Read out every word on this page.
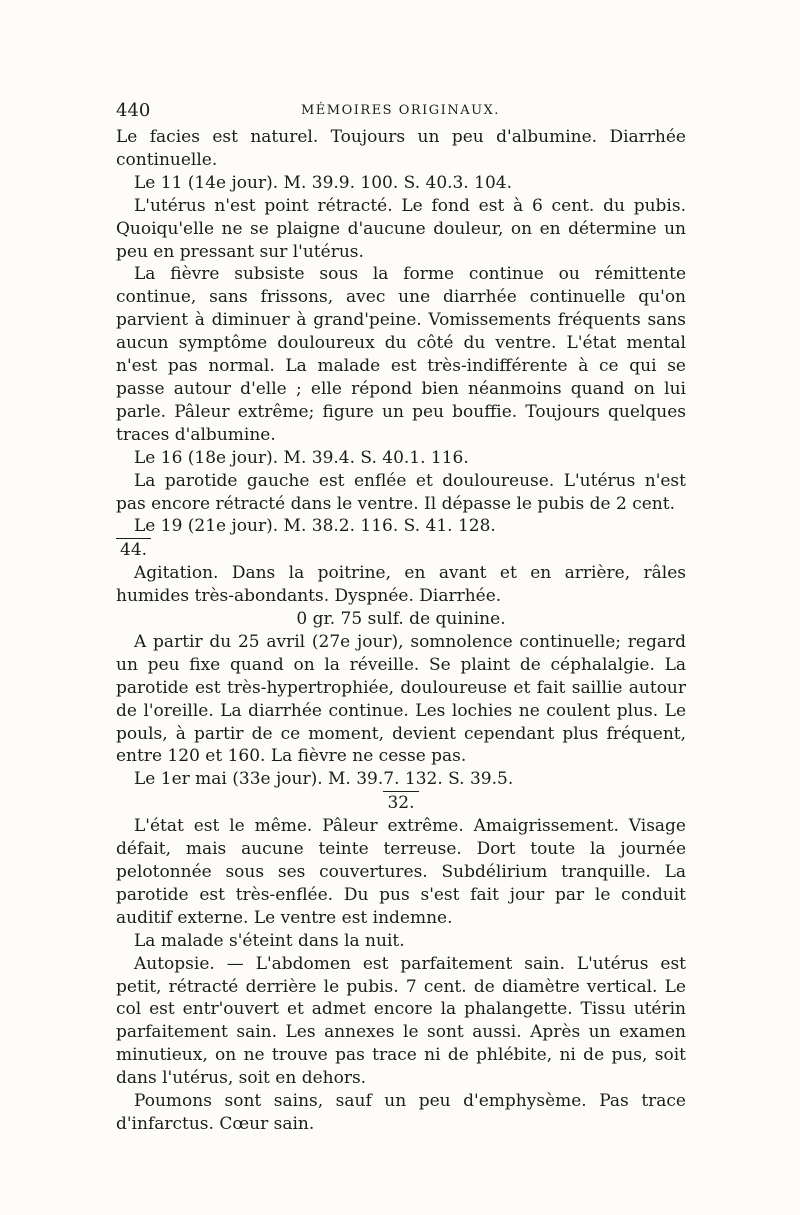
440	MÉMOIRES ORIGINAUX.

Le facies est naturel. Toujours un peu d'albumine. Diarrhée continuelle.

Le 11 (14e jour). M. 39.9. 100. S. 40.3. 104.

L'utérus n'est point rétracté. Le fond est à 6 cent. du pubis. Quoiqu'elle ne se plaigne d'aucune douleur, on en détermine un peu en pressant sur l'utérus.

La fièvre subsiste sous la forme continue ou rémittente continue, sans frissons, avec une diarrhée continuelle qu'on parvient à diminuer à grand'peine. Vomissements fréquents sans aucun symptôme douloureux du côté du ventre. L'état mental n'est pas normal. La malade est très-indifférente à ce qui se passe autour d'elle ; elle répond bien néanmoins quand on lui parle. Pâleur extrême; figure un peu bouffie. Toujours quelques traces d'albumine.

Le 16 (18e jour). M. 39.4. S. 40.1. 116.

La parotide gauche est enflée et douloureuse. L'utérus n'est pas encore rétracté dans le ventre. Il dépasse le pubis de 2 cent.

Le 19 (21e jour). M. 38.2. 116. S. 41. 128.

44.

Agitation. Dans la poitrine, en avant et en arrière, râles humides très-abondants. Dyspnée. Diarrhée.

0 gr. 75 sulf. de quinine.

A partir du 25 avril (27e jour), somnolence continuelle; regard un peu fixe quand on la réveille. Se plaint de céphalalgie. La parotide est très-hypertrophiée, douloureuse et fait saillie autour de l'oreille. La diarrhée continue. Les lochies ne coulent plus. Le pouls, à partir de ce moment, devient cependant plus fréquent, entre 120 et 160. La fièvre ne cesse pas.

Le 1er mai (33e jour). M. 39.7. 132. S. 39.5.

32.

L'état est le même. Pâleur extrême. Amaigrissement. Visage défait, mais aucune teinte terreuse. Dort toute la journée pelotonnée sous ses couvertures. Subdélirium tranquille. La parotide est très-enflée. Du pus s'est fait jour par le conduit auditif externe. Le ventre est indemne.

La malade s'éteint dans la nuit.

Autopsie. — L'abdomen est parfaitement sain. L'utérus est petit, rétracté derrière le pubis. 7 cent. de diamètre vertical. Le col est entr'ouvert et admet encore la phalangette. Tissu utérin parfaitement sain. Les annexes le sont aussi. Après un examen minutieux, on ne trouve pas trace ni de phlébite, ni de pus, soit dans l'utérus, soit en dehors.

Poumons sont sains, sauf un peu d'emphysème. Pas trace d'infarctus. Cœur sain.
